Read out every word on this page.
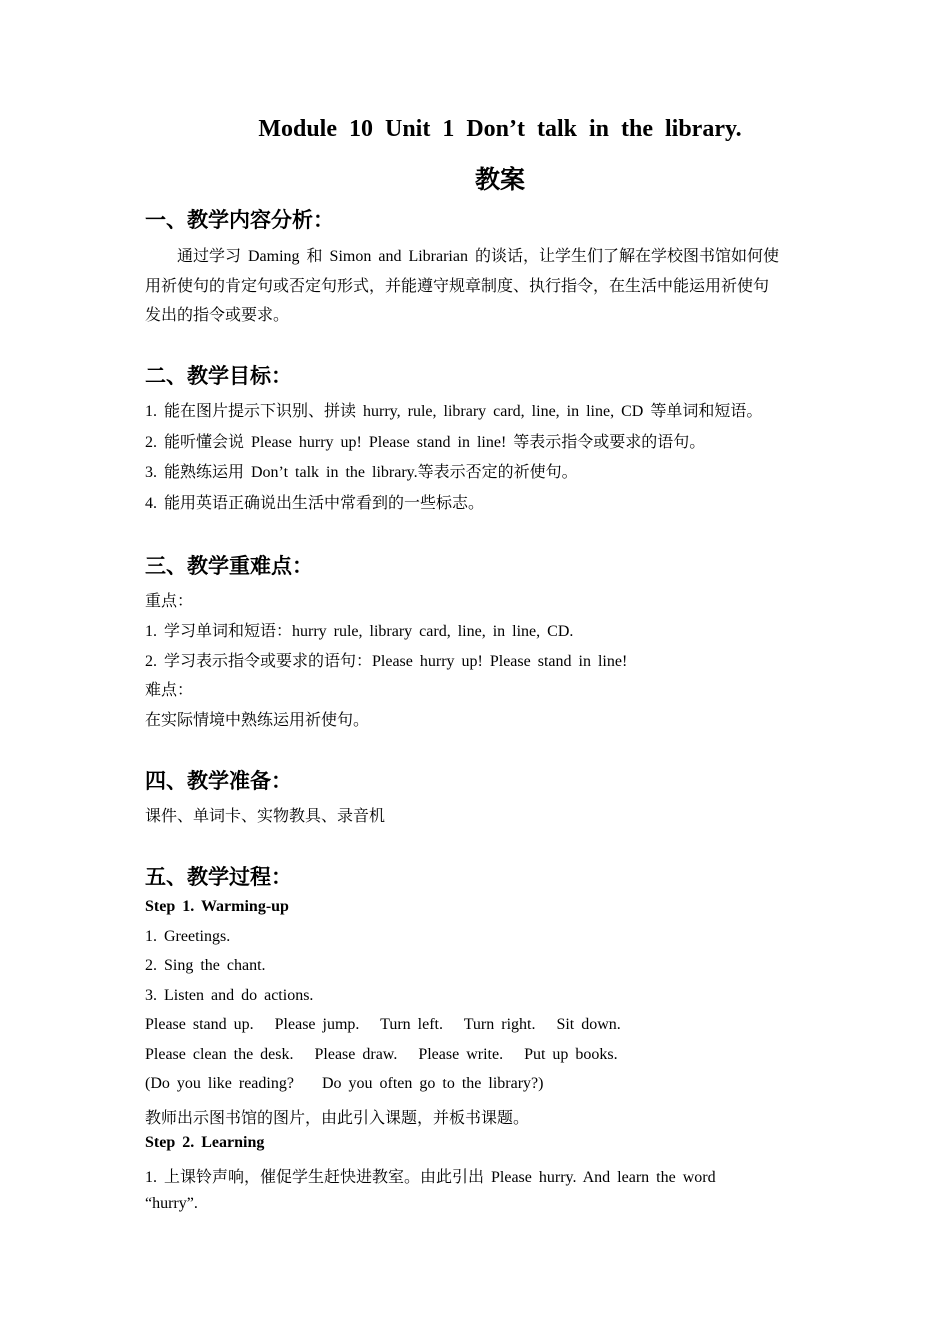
Module 10 Unit 1 Don’t talk in the library.
教案
一、教学内容分析：
通过学习 Daming 和 Simon and Librarian 的谈话，让学生们了解在学校图书馆如何使
用祈使句的肯定句或否定句形式，并能遵守规章制度、执行指令，在生活中能运用祈使句
发出的指令或要求。
二、教学目标：
1. 能在图片提示下识别、拼读 hurry, rule, library card, line, in line, CD 等单词和短语。
2. 能听懂会说 Please hurry up! Please stand in line! 等表示指令或要求的语句。
3. 能熟练运用 Don’t talk in the library.等表示否定的祈使句。
4. 能用英语正确说出生活中常看到的一些标志。
三、教学重难点：
重点：
1. 学习单词和短语：hurry rule, library card, line, in line, CD.
2. 学习表示指令或要求的语句：Please hurry up! Please stand in line!
难点：
在实际情境中熟练运用祈使句。
四、教学准备：
课件、单词卡、实物教具、录音机
五、教学过程：
Step 1. Warming-up
1. Greetings.
2. Sing the chant.
3. Listen and do actions.
Please stand up.   Please jump.   Turn left.   Turn right.   Sit down.
Please clean the desk.   Please draw.   Please write.   Put up books.
(Do you like reading?    Do you often go to the library?)
教师出示图书馆的图片，由此引入课题，并板书课题。
Step 2. Learning
1. 上课铃声响，催促学生赶快进教室。由此引出 Please hurry. And learn the word
“hurry”.
